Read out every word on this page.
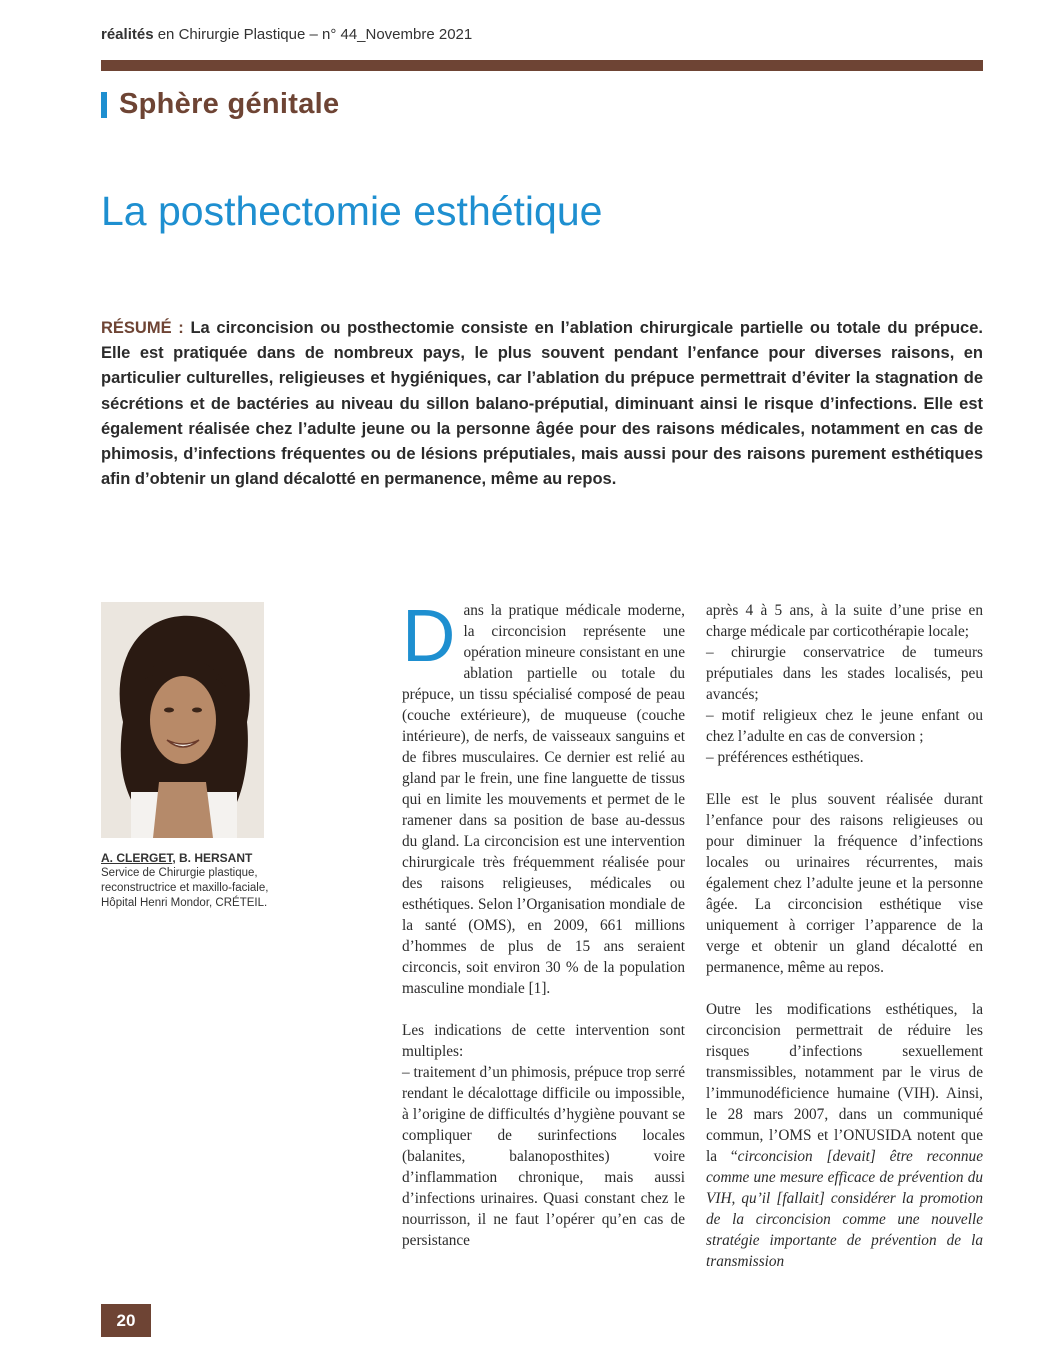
réalités en Chirurgie Plastique – n° 44_Novembre 2021
Sphère génitale
La posthectomie esthétique
RÉSUMÉ : La circoncision ou posthectomie consiste en l’ablation chirurgicale partielle ou totale du prépuce. Elle est pratiquée dans de nombreux pays, le plus souvent pendant l’enfance pour diverses raisons, en particulier culturelles, religieuses et hygiéniques, car l’ablation du prépuce permettrait d’éviter la stagnation de sécrétions et de bactéries au niveau du sillon balano-préputial, diminuant ainsi le risque d’infections. Elle est également réalisée chez l’adulte jeune ou la personne âgée pour des raisons médicales, notamment en cas de phimosis, d’infections fréquentes ou de lésions préputiales, mais aussi pour des raisons purement esthétiques afin d’obtenir un gland décalotté en permanence, même au repos.
A. CLERGET, B. HERSANT
Service de Chirurgie plastique, reconstructrice et maxillo-faciale, Hôpital Henri Mondor, CRÉTEIL.

Dans la pratique médicale moderne, la circoncision représente une opération mineure consistant en une ablation partielle ou totale du prépuce, un tissu spécialisé composé de peau (couche extérieure), de muqueuse (couche intérieure), de nerfs, de vaisseaux sanguins et de fibres musculaires. Ce dernier est relié au gland par le frein, une fine languette de tissus qui en limite les mouvements et permet de le ramener dans sa position de base au-dessus du gland. La circoncision est une intervention chirurgicale très fréquemment réalisée pour des raisons religieuses, médicales ou esthétiques. Selon l’Organisation mondiale de la santé (OMS), en 2009, 661 millions d’hommes de plus de 15 ans seraient circoncis, soit environ 30 % de la population masculine mondiale [1].

Les indications de cette intervention sont multiples:
– traitement d’un phimosis, prépuce trop serré rendant le décalottage difficile ou impossible, à l’origine de difficultés d’hygiène pouvant se compliquer de surinfections locales (balanites, balanoposthites) voire d’inflammation chronique, mais aussi d’infections urinaires. Quasi constant chez le nourrisson, il ne faut l’opérer qu’en cas de persistance

après 4 à 5 ans, à la suite d’une prise en charge médicale par corticothérapie locale;
– chirurgie conservatrice de tumeurs préputiales dans les stades localisés, peu avancés;
– motif religieux chez le jeune enfant ou chez l’adulte en cas de conversion ;
– préférences esthétiques.

Elle est le plus souvent réalisée durant l’enfance pour des raisons religieuses ou pour diminuer la fréquence d’infections locales ou urinaires récurrentes, mais également chez l’adulte jeune et la personne âgée. La circoncision esthétique vise uniquement à corriger l’apparence de la verge et obtenir un gland décalotté en permanence, même au repos.

Outre les modifications esthétiques, la circoncision permettrait de réduire les risques d’infections sexuellement transmissibles, notamment par le virus de l’immunodéficience humaine (VIH). Ainsi, le 28 mars 2007, dans un communiqué commun, l’OMS et l’ONUSIDA notent que la “circoncision [devait] être reconnue comme une mesure efficace de prévention du VIH, qu’il [fallait] considérer la promotion de la circoncision comme une nouvelle stratégie importante de prévention de la transmission

20
